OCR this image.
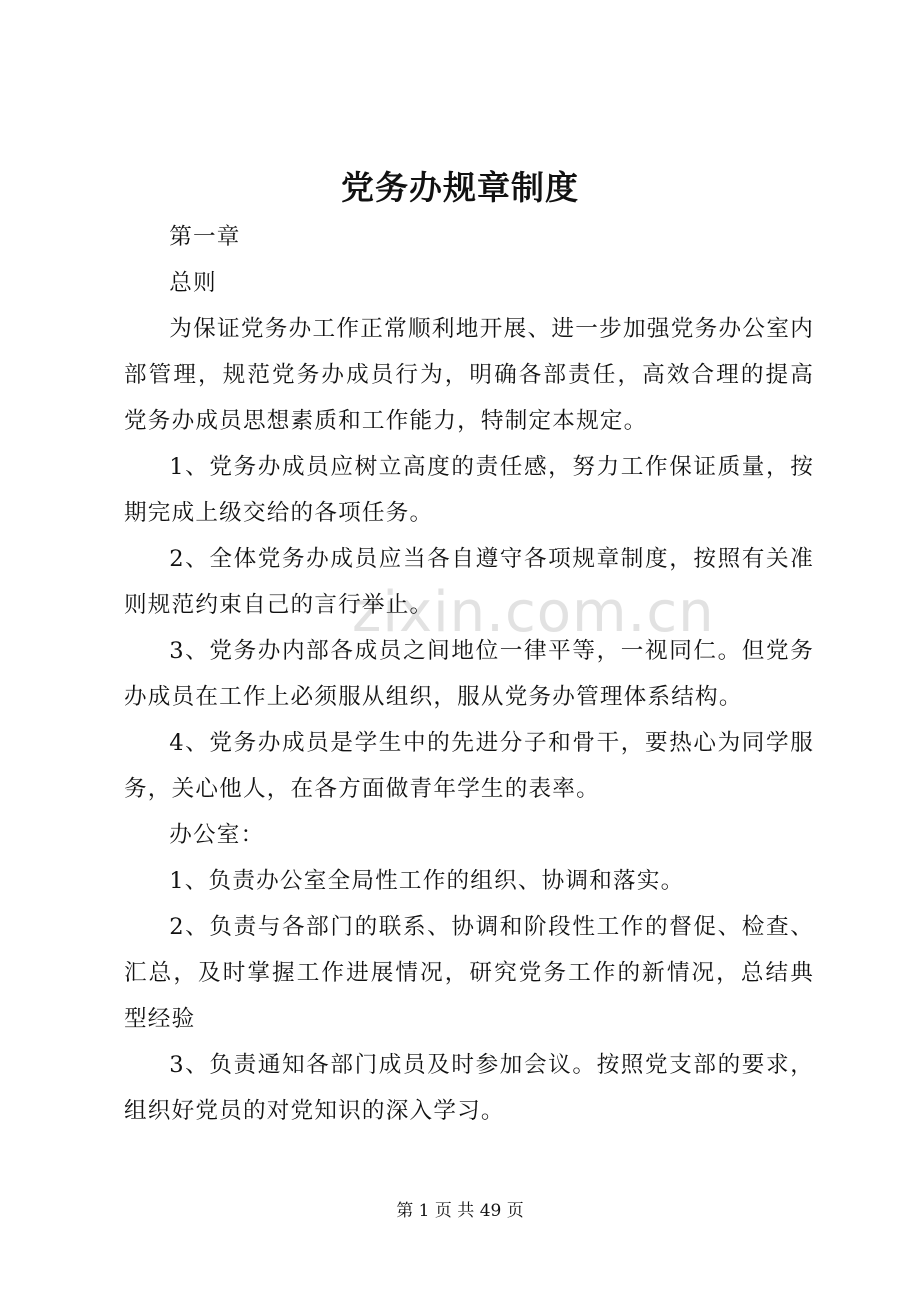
zixin.com.cn
党务办规章制度

第一章

总则

为保证党务办工作正常顺利地开展、进一步加强党务办公室内部管理，规范党务办成员行为，明确各部责任，高效合理的提高党务办成员思想素质和工作能力，特制定本规定。

1、党务办成员应树立高度的责任感，努力工作保证质量，按期完成上级交给的各项任务。

2、全体党务办成员应当各自遵守各项规章制度，按照有关准则规范约束自己的言行举止。

3、党务办内部各成员之间地位一律平等，一视同仁。但党务办成员在工作上必须服从组织，服从党务办管理体系结构。

4、党务办成员是学生中的先进分子和骨干，要热心为同学服务，关心他人，在各方面做青年学生的表率。

办公室：

1、负责办公室全局性工作的组织、协调和落实。

2、负责与各部门的联系、协调和阶段性工作的督促、检查、汇总，及时掌握工作进展情况，研究党务工作的新情况，总结典型经验

3、负责通知各部门成员及时参加会议。按照党支部的要求，组织好党员的对党知识的深入学习。

第 1 页 共 49 页
